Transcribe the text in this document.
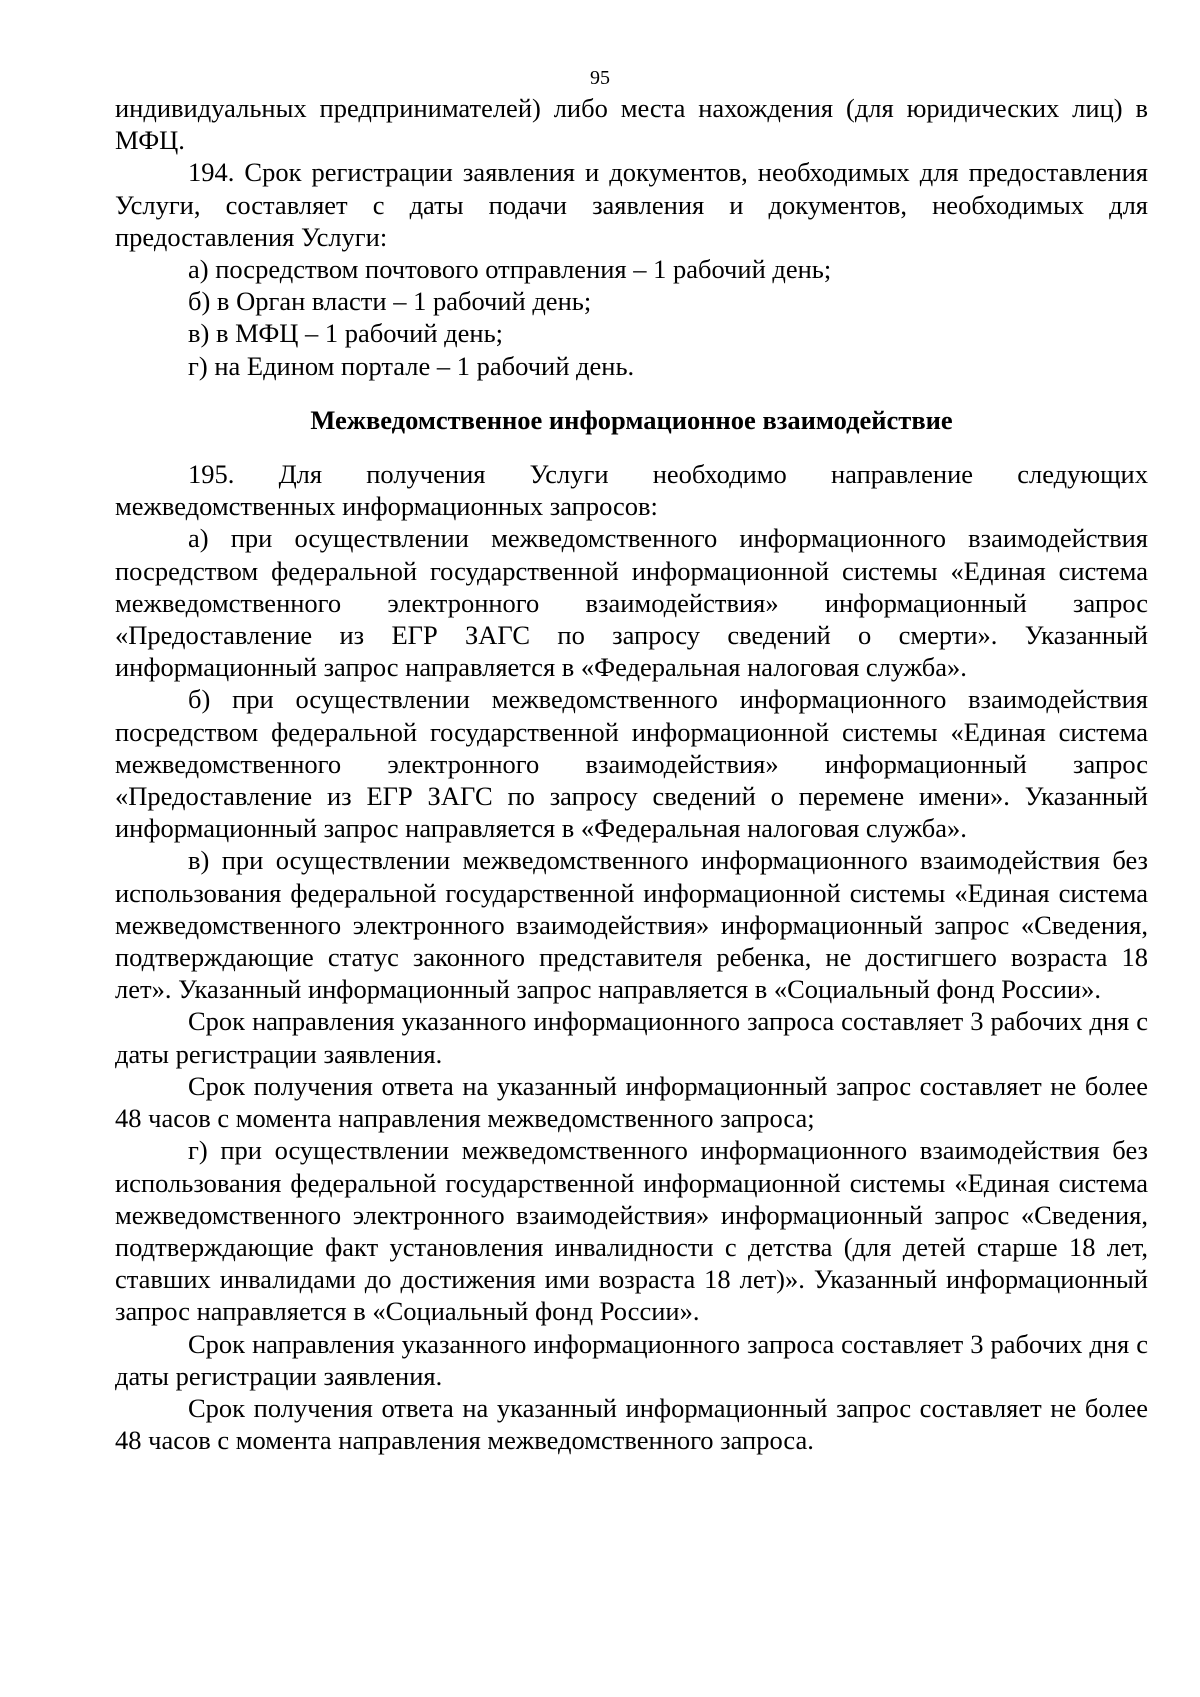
95

индивидуальных предпринимателей) либо места нахождения (для юридических лиц) в МФЦ.

194. Срок регистрации заявления и документов, необходимых для предоставления Услуги, составляет с даты подачи заявления и документов, необходимых для предоставления Услуги:

а) посредством почтового отправления – 1 рабочий день;

б) в Орган власти – 1 рабочий день;

в) в МФЦ – 1 рабочий день;

г) на Едином портале – 1 рабочий день.

Межведомственное информационное взаимодействие

195. Для получения Услуги необходимо направление следующих межведомственных информационных запросов:

а) при осуществлении межведомственного информационного взаимодействия посредством федеральной государственной информационной системы «Единая система межведомственного электронного взаимодействия» информационный запрос «Предоставление из ЕГР ЗАГС по запросу сведений о смерти». Указанный информационный запрос направляется в «Федеральная налоговая служба».

б) при осуществлении межведомственного информационного взаимодействия посредством федеральной государственной информационной системы «Единая система межведомственного электронного взаимодействия» информационный запрос «Предоставление из ЕГР ЗАГС по запросу сведений о перемене имени». Указанный информационный запрос направляется в «Федеральная налоговая служба».

в) при осуществлении межведомственного информационного взаимодействия без использования федеральной государственной информационной системы «Единая система межведомственного электронного взаимодействия» информационный запрос «Сведения, подтверждающие статус законного представителя ребенка, не достигшего возраста 18 лет». Указанный информационный запрос направляется в «Социальный фонд России».

Срок направления указанного информационного запроса составляет 3 рабочих дня с даты регистрации заявления.

Срок получения ответа на указанный информационный запрос составляет не более 48 часов с момента направления межведомственного запроса;

г) при осуществлении межведомственного информационного взаимодействия без использования федеральной государственной информационной системы «Единая система межведомственного электронного взаимодействия» информационный запрос «Сведения, подтверждающие факт установления инвалидности с детства (для детей старше 18 лет, ставших инвалидами до достижения ими возраста 18 лет)». Указанный информационный запрос направляется в «Социальный фонд России».

Срок направления указанного информационного запроса составляет 3 рабочих дня с даты регистрации заявления.

Срок получения ответа на указанный информационный запрос составляет не более 48 часов с момента направления межведомственного запроса.
